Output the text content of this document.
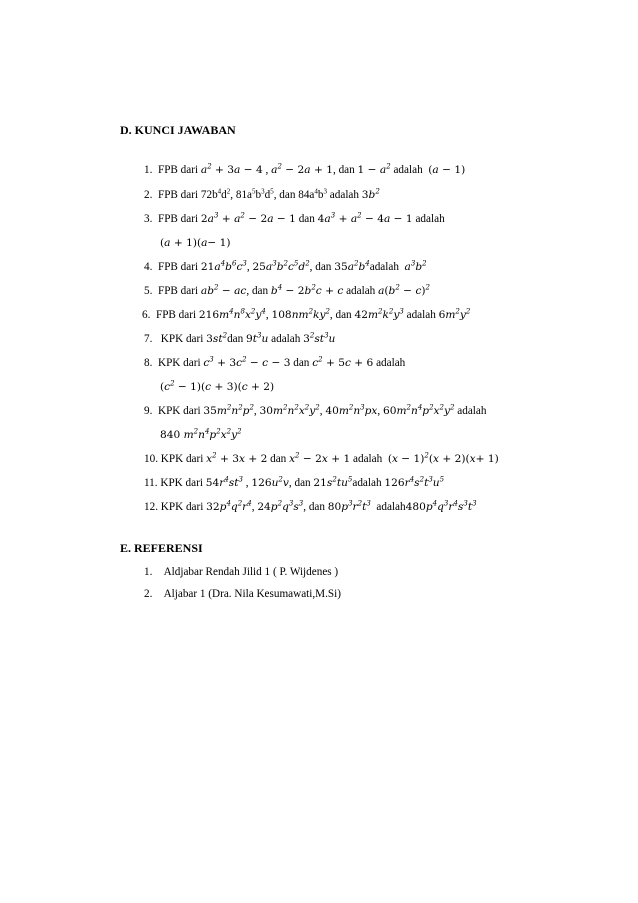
D. KUNCI JAWABAN
1. FPB dari $a^2 + 3a - 4$ , $a^2 - 2a + 1$, dan $1 - a^2$ adalah  (a − 1)
2. FPB dari $72b^4d^2$, $81a^5b^3d^5$, dan $84a^4b^3$ adalah $3b^2$
3. FPB dari $2a^3 + a^2 - 2a - 1$ dan $4a^3 + a^2 - 4a - 1$ adalah
(a + 1)(a− 1)
4. FPB dari $21a^4b^6c^3$, $25a^3b^2c^5d^2$, dan $35a^2b^4adalah$  $a^3b^2$
5. FPB dari $ab^2$ − ac, dan $b^4 - 2b^2c + c$ adalah $a(b^2 - c)^2$
6. FPB dari $216m^4n^8x^2y^4$, $108nm^2ky^2$, dan $42m^2k^2y^3$ adalah $6m^2y^2$
7. KPK dari $3st^2dan$ $9t^3u$ adalah $3^2st^3u$
8. KPK dari $c^3 + 3c^2 - c - 3$ dan $c^2 + 5c + 6$ adalah
$(c^2 - 1)(c + 3)(c + 2)$
9. KPK dari $35m^2n^2p^2$, $30m^2n^2x^2y^2$, $40m^2n^3px$, $60m^2n^4p^2x^2y^2$ adalah
840 $m^2n^4p^2x^2y^2$
10. KPK dari $x^2 + 3x + 2$ dan $x^2 - 2x + 1$ adalah  $(x - 1)^2(x + 2)(x+ 1)$
11. KPK dari $54r^4st^3$ , $126u^2v$, dan $21s^2tu^5adalah$ $126r^4s^2t^3u^5$
12. KPK dari $32p^4q^2r^4$, $24p^2q^3s^3$, dan $80p^3r^2t^3$  $adalah480p^4q^3r^4s^3t^3$
E. REFERENSI
1. Aldjabar Rendah Jilid 1 ( P. Wijdenes )
2. Aljabar 1 (Dra. Nila Kesumawati,M.Si)
